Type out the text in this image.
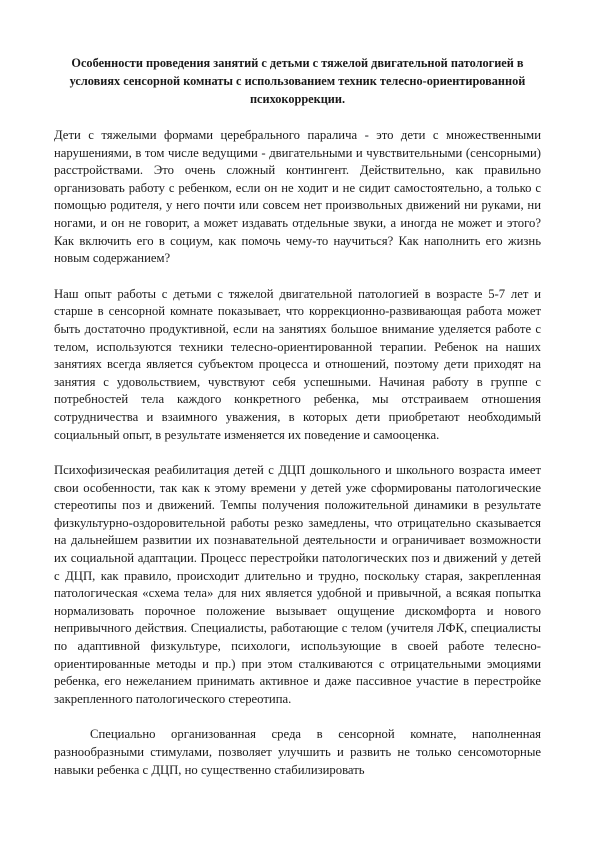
Особенности проведения занятий с детьми с тяжелой двигательной патологией в условиях сенсорной комнаты с использованием техник телесно-ориентированной психокоррекции.

Дети с тяжелыми формами церебрального паралича - это дети с множественными нарушениями, в том числе ведущими - двигательными и чувствительными (сенсорными) расстройствами. Это очень сложный контингент. Действительно, как правильно организовать работу с ребенком, если он не ходит и не сидит самостоятельно, а только с помощью родителя, у него почти или совсем нет произвольных движений ни руками, ни ногами, и он не говорит, а может издавать отдельные звуки, а иногда не может и этого? Как включить его в социум, как помочь чему-то научиться? Как наполнить его жизнь новым содержанием?

Наш опыт работы с детьми с тяжелой двигательной патологией в возрасте 5-7 лет и старше в сенсорной комнате показывает, что коррекционно-развивающая работа может быть достаточно продуктивной, если на занятиях большое внимание уделяется работе с телом, используются техники телесно-ориентированной терапии. Ребенок на наших занятиях всегда является субъектом процесса и отношений, поэтому дети приходят на занятия с удовольствием, чувствуют себя успешными. Начиная работу в группе с потребностей тела каждого конкретного ребенка, мы отстраиваем отношения сотрудничества и взаимного уважения, в которых дети приобретают необходимый социальный опыт, в результате изменяется их поведение и самооценка.

Психофизическая реабилитация детей с ДЦП дошкольного и школьного возраста имеет свои особенности, так как к этому времени у детей уже сформированы патологические стереотипы поз и движений. Темпы получения положительной динамики в результате физкультурно-оздоровительной работы резко замедлены, что отрицательно сказывается на дальнейшем развитии их познавательной деятельности и ограничивает возможности их социальной адаптации. Процесс перестройки патологических поз и движений у детей с ДЦП, как правило, происходит длительно и трудно, поскольку старая, закрепленная патологическая «схема тела» для них является удобной и привычной, а всякая попытка нормализовать порочное положение вызывает ощущение дискомфорта и нового непривычного действия. Специалисты, работающие с телом (учителя ЛФК, специалисты по адаптивной физкультуре, психологи, использующие в своей работе телесно-ориентированные методы и пр.) при этом сталкиваются с отрицательными эмоциями ребенка, его нежеланием принимать активное и даже пассивное участие в перестройке закрепленного патологического стереотипа.

Специально организованная среда в сенсорной комнате, наполненная разнообразными стимулами, позволяет улучшить и развить не только сенсомоторные навыки ребенка с ДЦП, но существенно стабилизировать
